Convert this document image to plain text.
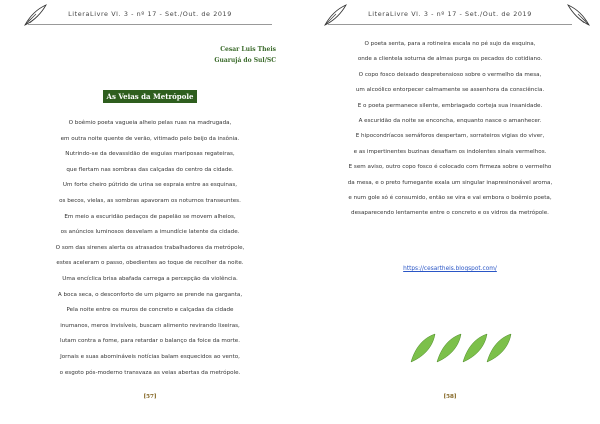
LiteraLivre Vl. 3 - nº 17 - Set./Out. de 2019
Cesar Luis Theis
Guarujá do Sul/SC
As Veias da Metrópole
O boêmio poeta vagueia alheio pelas ruas na madrugada,
em outra noite quente de verão, vitimado pelo beijo da insônia.
Nutrindo-se da devassidão de esguias mariposas regateiras,
que flertam nas sombras das calçadas do centro da cidade.
Um forte cheiro pútrido de urina se espraia entre as esquinas,
os becos, vielas, as sombras apavoram os noturnos transeuntes.
Em meio a escuridão pedaços de papelão se movem alheios,
os anúncios luminosos desvelam a imundície latente da cidade.
O som das sirenes alerta os atrasados trabalhadores da metrópole,
estes aceleram o passo, obedientes ao toque de recolher da noite.
Uma encíclica brisa abafada carrega a percepção da violência.
A boca seca, o desconforto de um pigarro se prende na garganta,
Pela noite entre os muros de concreto e calçadas da cidade
inumanos, meros invisíveis, buscam alimento revirando lixeiras,
lutam contra a fome, para retardar o balanço da foice da morte.
Jornais e suas abomináveis notícias balam esquecidos ao vento,
o esgoto pós-moderno transvaza as veias abertas da metrópole.
[57]
LiteraLivre Vl. 3 - nº 17 - Set./Out. de 2019
O poeta senta, para a rotineira escala no pé sujo da esquina,
onde a clientela soturna de almas purga os pecados do cotidiano.
O copo fosco deixado despretensioso sobre o vermelho da mesa,
um alcoólico entorpecer calmamente se assenhora da consciência.
E o poeta permanece silente, embriagado corteja sua insanidade.
A escuridão da noite se enconcha, enquanto nasce o amanhecer.
E hipocondríacos semáforos despertam, sorrateiros vigias do viver,
e as impertinentes buzinas desafiam os indolentes sinais vermelhos.
E sem aviso, outro copo fosco é colocado com firmeza sobre o vermelho
da mesa, e o preto fumegante exala um singular inapresinonável aroma,
e num gole só é consumido, então se vira e vai embora o boêmio poeta,
desaparecendo lentamente entre o concreto e os vidros da metrópole.
https://cesartheis.blogspot.com/
[58]
